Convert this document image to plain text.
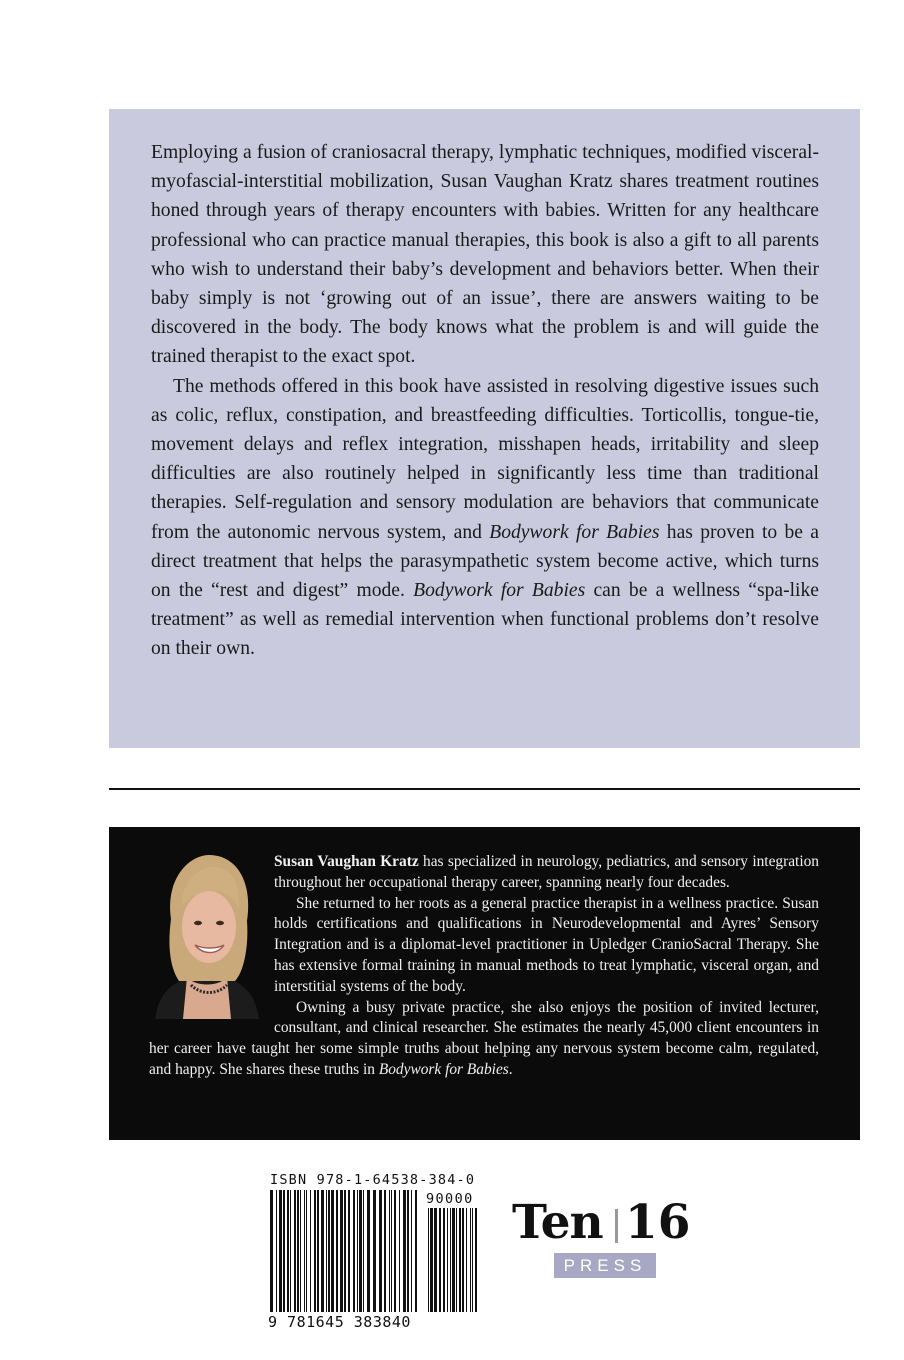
Employing a fusion of craniosacral therapy, lymphatic techniques, modified visceral-myofascial-interstitial mobilization, Susan Vaughan Kratz shares treatment routines honed through years of therapy encounters with babies. Written for any healthcare professional who can practice manual therapies, this book is also a gift to all parents who wish to understand their baby’s development and behaviors better. When their baby simply is not ‘growing out of an issue’, there are answers waiting to be discovered in the body. The body knows what the problem is and will guide the trained therapist to the exact spot.

The methods offered in this book have assisted in resolving digestive issues such as colic, reflux, constipation, and breastfeeding difficulties. Torticollis, tongue-tie, movement delays and reflex integration, misshapen heads, irritability and sleep difficulties are also routinely helped in significantly less time than traditional therapies. Self-regulation and sensory modulation are behaviors that communicate from the autonomic nervous system, and Bodywork for Babies has proven to be a direct treatment that helps the parasympathetic system become active, which turns on the “rest and digest” mode. Bodywork for Babies can be a wellness “spa-like treatment” as well as remedial intervention when functional problems don’t resolve on their own.

Susan Vaughan Kratz has specialized in neurology, pediatrics, and sensory integration throughout her occupational therapy career, spanning nearly four decades.

She returned to her roots as a general practice therapist in a wellness practice. Susan holds certifications and qualifications in Neurodevelopmental and Ayres’ Sensory Integration and is a diplomat-level practitioner in Upledger CranioSacral Therapy. She has extensive formal training in manual methods to treat lymphatic, visceral organ, and interstitial systems of the body.

Owning a busy private practice, she also enjoys the position of invited lecturer, consultant, and clinical researcher. She estimates the nearly 45,000 client encounters in her career have taught her some simple truths about helping any nervous system become calm, regulated, and happy. She shares these truths in Bodywork for Babies.

ISBN 978-1-64538-384-0
90000
9 781645 383840
Ten 16
PRESS
